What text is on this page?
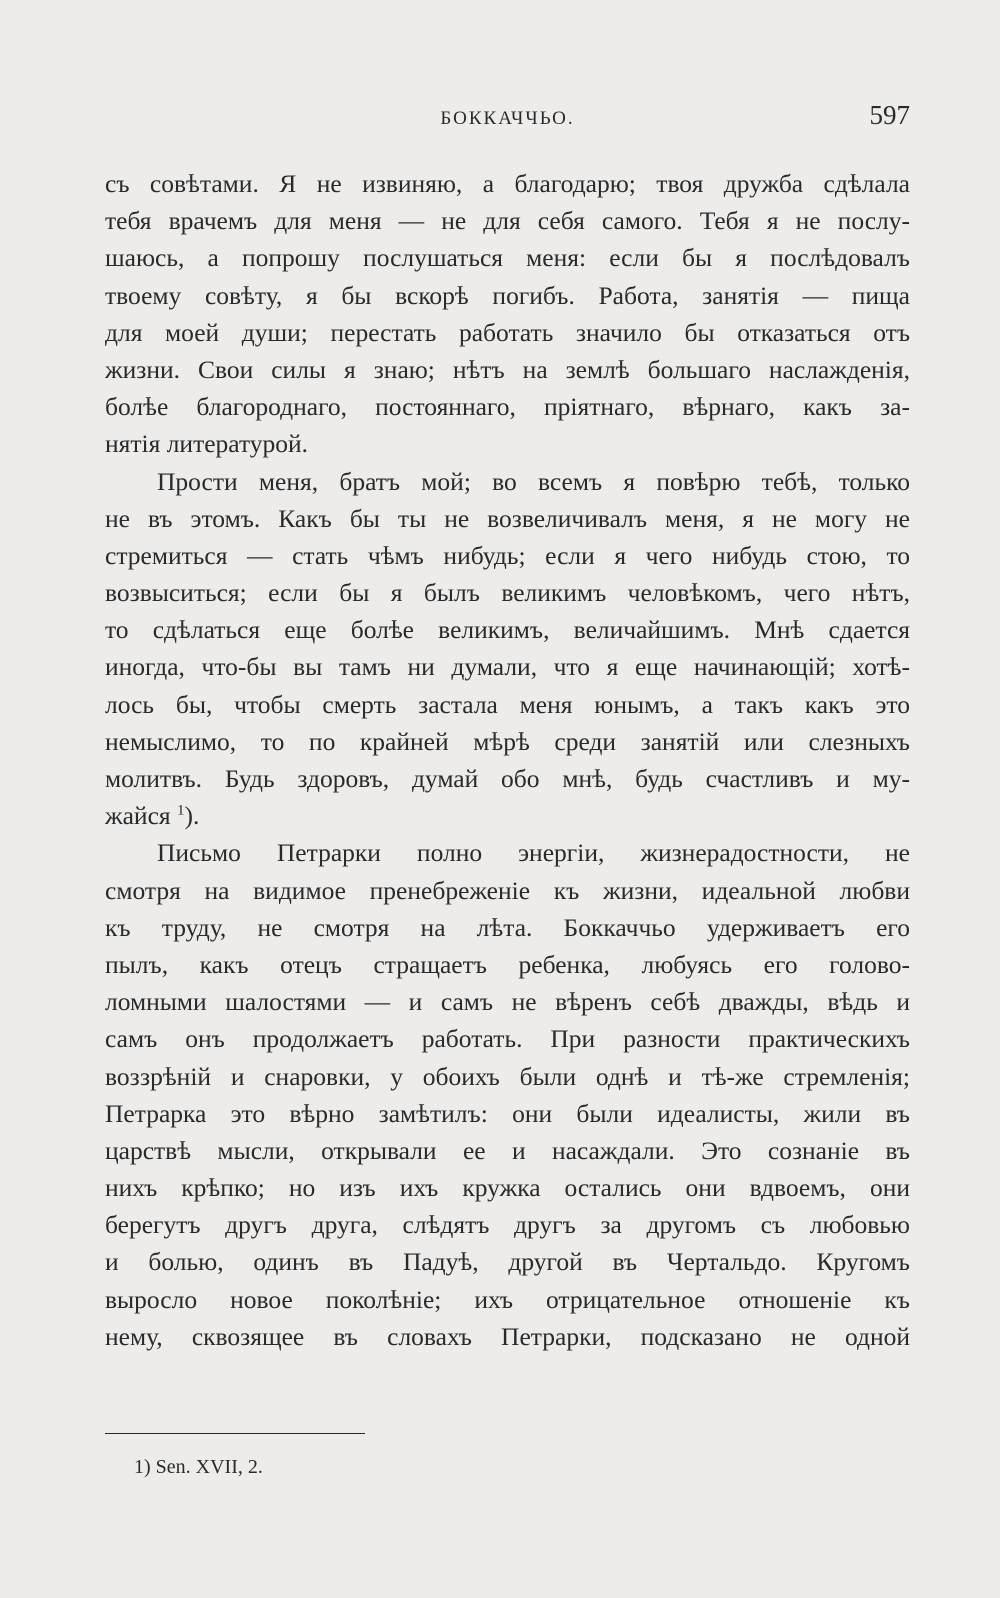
БОККАЧЧЬО.	597
съ совѣтами. Я не извиняю, а благодарю; твоя дружба сдѣлала
тебя врачемъ для меня — не для себя самого. Тебя я не послу-
шаюсь, а попрошу послушаться меня: если бы я послѣдовалъ
твоему совѣту, я бы вскорѣ погибъ. Работа, занятія — пища
для моей души; перестать работать значило бы отказаться отъ
жизни. Свои силы я знаю; нѣтъ на землѣ большаго наслажденія,
болѣе благороднаго, постояннаго, пріятнаго, вѣрнаго, какъ за-
нятія литературой.
Прости меня, братъ мой; во всемъ я повѣрю тебѣ, только
не въ этомъ. Какъ бы ты не возвеличивалъ меня, я не могу не
стремиться — стать чѣмъ нибудь; если я чего нибудь стою, то
возвыситься; если бы я былъ великимъ человѣкомъ, чего нѣтъ,
то сдѣлаться еще болѣе великимъ, величайшимъ. Мнѣ сдается
иногда, что-бы вы тамъ ни думали, что я еще начинающій; хотѣ-
лось бы, чтобы смерть застала меня юнымъ, а такъ какъ это
немыслимо, то по крайней мѣрѣ среди занятій или слезныхъ
молитвъ. Будь здоровъ, думай обо мнѣ, будь счастливъ и му-
жайся $^1$).
Письмо Петрарки полно энергіи, жизнерадостности, не
смотря на видимое пренебреженіе къ жизни, идеальной любви
къ труду, не смотря на лѣта. Боккаччьо удерживаетъ его
пылъ, какъ отецъ стращаетъ ребенка, любуясь его голово-
ломными шалостями — и самъ не вѣренъ себѣ дважды, вѣдь и
самъ онъ продолжаетъ работать. При разности практическихъ
воззрѣній и снаровки, у обоихъ были однѣ и тѣ-же стремленія;
Петрарка это вѣрно замѣтилъ: они были идеалисты, жили въ
царствѣ мысли, открывали ее и насаждали. Это сознаніе въ
нихъ крѣпко; но изъ ихъ кружка остались они вдвоемъ, они
берегутъ другъ друга, слѣдятъ другъ за другомъ съ любовью
и болью, одинъ въ Падуѣ, другой въ Чертальдо. Кругомъ
выросло новое поколѣніе; ихъ отрицательное отношеніе къ
нему, сквозящее въ словахъ Петрарки, подсказано не одной
1) Sen. XVII, 2.
